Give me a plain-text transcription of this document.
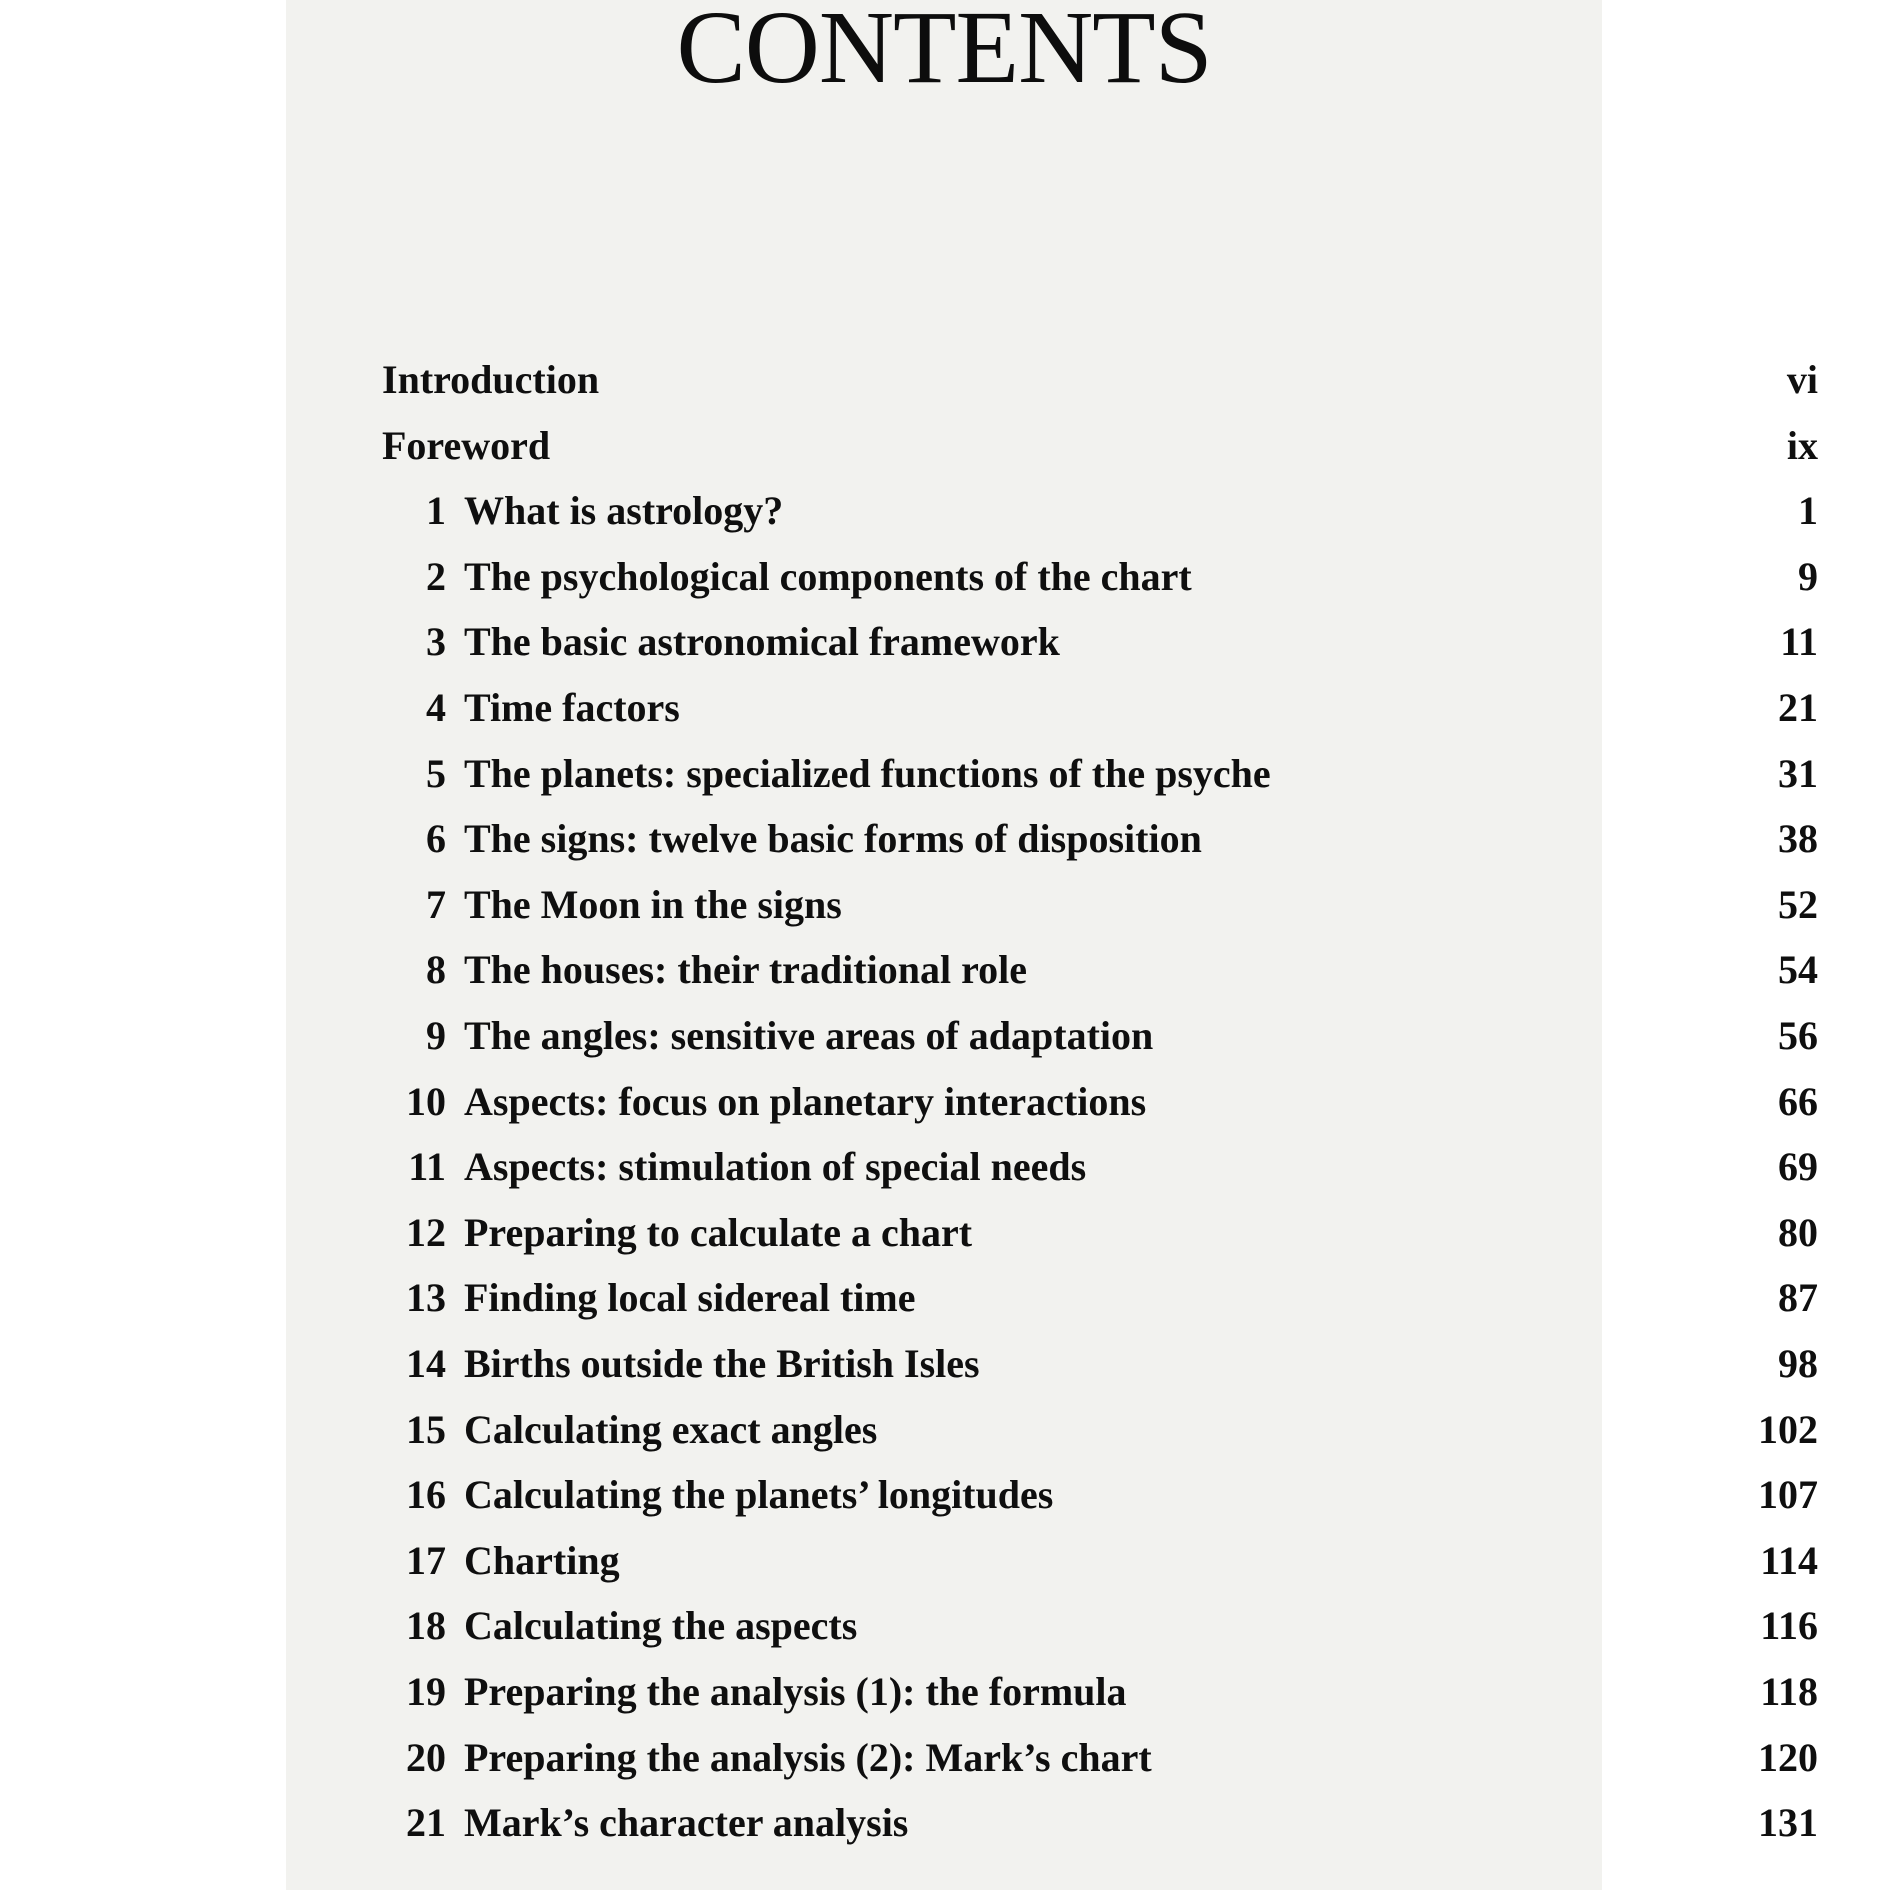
CONTENTS
Introduction	vi
Foreword	ix
1 What is astrology?	1
2 The psychological components of the chart	9
3 The basic astronomical framework	11
4 Time factors	21
5 The planets: specialized functions of the psyche	31
6 The signs: twelve basic forms of disposition	38
7 The Moon in the signs	52
8 The houses: their traditional role	54
9 The angles: sensitive areas of adaptation	56
10 Aspects: focus on planetary interactions	66
11 Aspects: stimulation of special needs	69
12 Preparing to calculate a chart	80
13 Finding local sidereal time	87
14 Births outside the British Isles	98
15 Calculating exact angles	102
16 Calculating the planets’ longitudes	107
17 Charting	114
18 Calculating the aspects	116
19 Preparing the analysis (1): the formula	118
20 Preparing the analysis (2): Mark’s chart	120
21 Mark’s character analysis	131
